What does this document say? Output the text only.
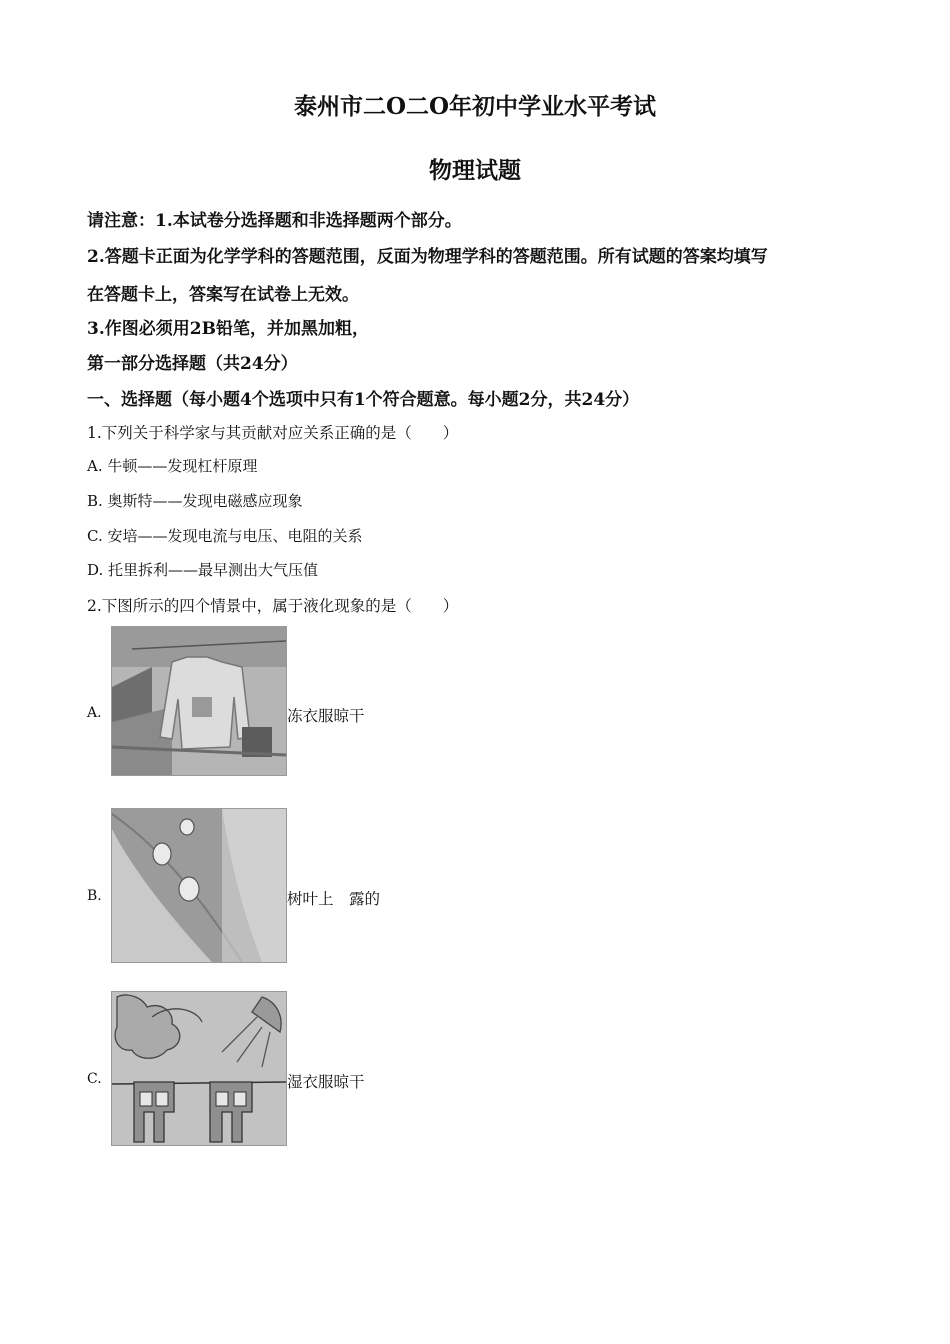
泰州市二O二O年初中学业水平考试
物理试题
请注意：1.本试卷分选择题和非选择题两个部分。
2.答题卡正面为化学学科的答题范围，反面为物理学科的答题范围。所有试题的答案均填写
在答题卡上，答案写在试卷上无效。
3.作图必须用2B铅笔，并加黑加粗，
第一部分选择题（共24分）
一、选择题（每小题4个选项中只有1个符合题意。每小题2分，共24分）
1.下列关于科学家与其贡献对应关系正确的是（　　）
A. 牛顿——发现杠杆原理
B. 奥斯特——发现电磁感应现象
C. 安培——发现电流与电压、电阻的关系
D. 托里拆利——最早测出大气压值
2.下图所示的四个情景中，属于液化现象的是（　　）
A.	冻衣服晾干
B.	树叶上　露的
C.	湿衣服晾干
